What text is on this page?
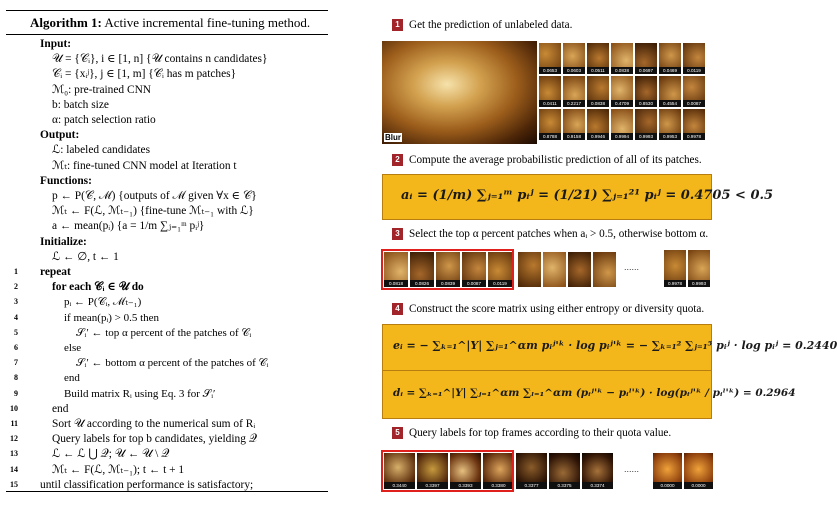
Algorithm 1: Active incremental fine-tuning method.
Input:
𝒰 = {𝒞ᵢ}, i ∈ [1, n] {𝒰 contains n candidates}
𝒞ᵢ = {xᵢʲ}, j ∈ [1, m] {𝒞ᵢ has m patches}
ℳ₀: pre-trained CNN
b: batch size
α: patch selection ratio
Output:
ℒ: labeled candidates
ℳₜ: fine-tuned CNN model at Iteration t
Functions:
p ← P(𝒞, ℳ) {outputs of ℳ given ∀x ∈ 𝒞}
ℳₜ ← F(ℒ, ℳₜ₋₁) {fine-tune ℳₜ₋₁ with ℒ}
a ← mean(pᵢ) {a = 1/m ∑ⱼ₌₁ᵐ pᵢʲ}
Initialize:
ℒ ← ∅, t ← 1
1 repeat
2	for each 𝒞ᵢ ∈ 𝒰 do
3	pᵢ ← P(𝒞ᵢ, ℳₜ₋₁)
4	if mean(pᵢ) > 0.5 then
5	𝒮ᵢ′ ← top α percent of the patches of 𝒞ᵢ
6	else
7	𝒮ᵢ′ ← bottom α percent of the patches of 𝒞ᵢ
8	end
9	Build matrix Rᵢ using Eq. 3 for 𝒮ᵢ′
10	end
11	Sort 𝒰 according to the numerical sum of Rᵢ
12	Query labels for top b candidates, yielding 𝒬
13	ℒ ← ℒ ⋃ 𝒬; 𝒰 ← 𝒰 \ 𝒬
14	ℳₜ ← F(ℒ, ℳₜ₋₁); t ← t + 1
15 until classification performance is satisfactory;
1 Get the prediction of unlabeled data.
Blur
0.0653	0.0603	0.0511	0.0838	0.0697	0.0469	0.0119
0.0411	0.2217	0.0838	0.4709	0.8530	0.4554	0.0087
0.8788	0.9158	0.9946	0.9994	0.9993	0.9953	0.9978
2 Compute the average probabilistic prediction of all of its patches.
aᵢ = (1/m) ∑ⱼ₌₁ᵐ pᵢʲ = (1/21) ∑ⱼ₌₁²¹ pᵢʲ = 0.4705 < 0.5
3 Select the top α percent patches when aᵢ > 0.5, otherwise bottom α.
0.0818	0.0826	0.0839	0.0087	0.0119	0.9978	0.9993
......
4 Construct the score matrix using either entropy or diversity quota.
eᵢ = − ∑ₖ₌₁^|Y| ∑ⱼ₌₁^αm pᵢʲ'ᵏ · log pᵢʲ'ᵏ = − ∑ₖ₌₁² ∑ⱼ₌₁⁵ pᵢʲ · log pᵢʲ = 0.2440
dᵢ = ∑ₖ₌₁^|Y| ∑ⱼ₌₁^αm ∑ₗ₌₁^αm (pᵢʲ'ᵏ − pᵢˡ'ᵏ) · log(pᵢʲ'ᵏ / pᵢˡ'ᵏ) = 0.2964
5 Query labels for top frames according to their quota value.
0.3440	0.3397	0.3393	0.3380	0.3377	0.3375	0.3374	0.0000	0.0000
......
